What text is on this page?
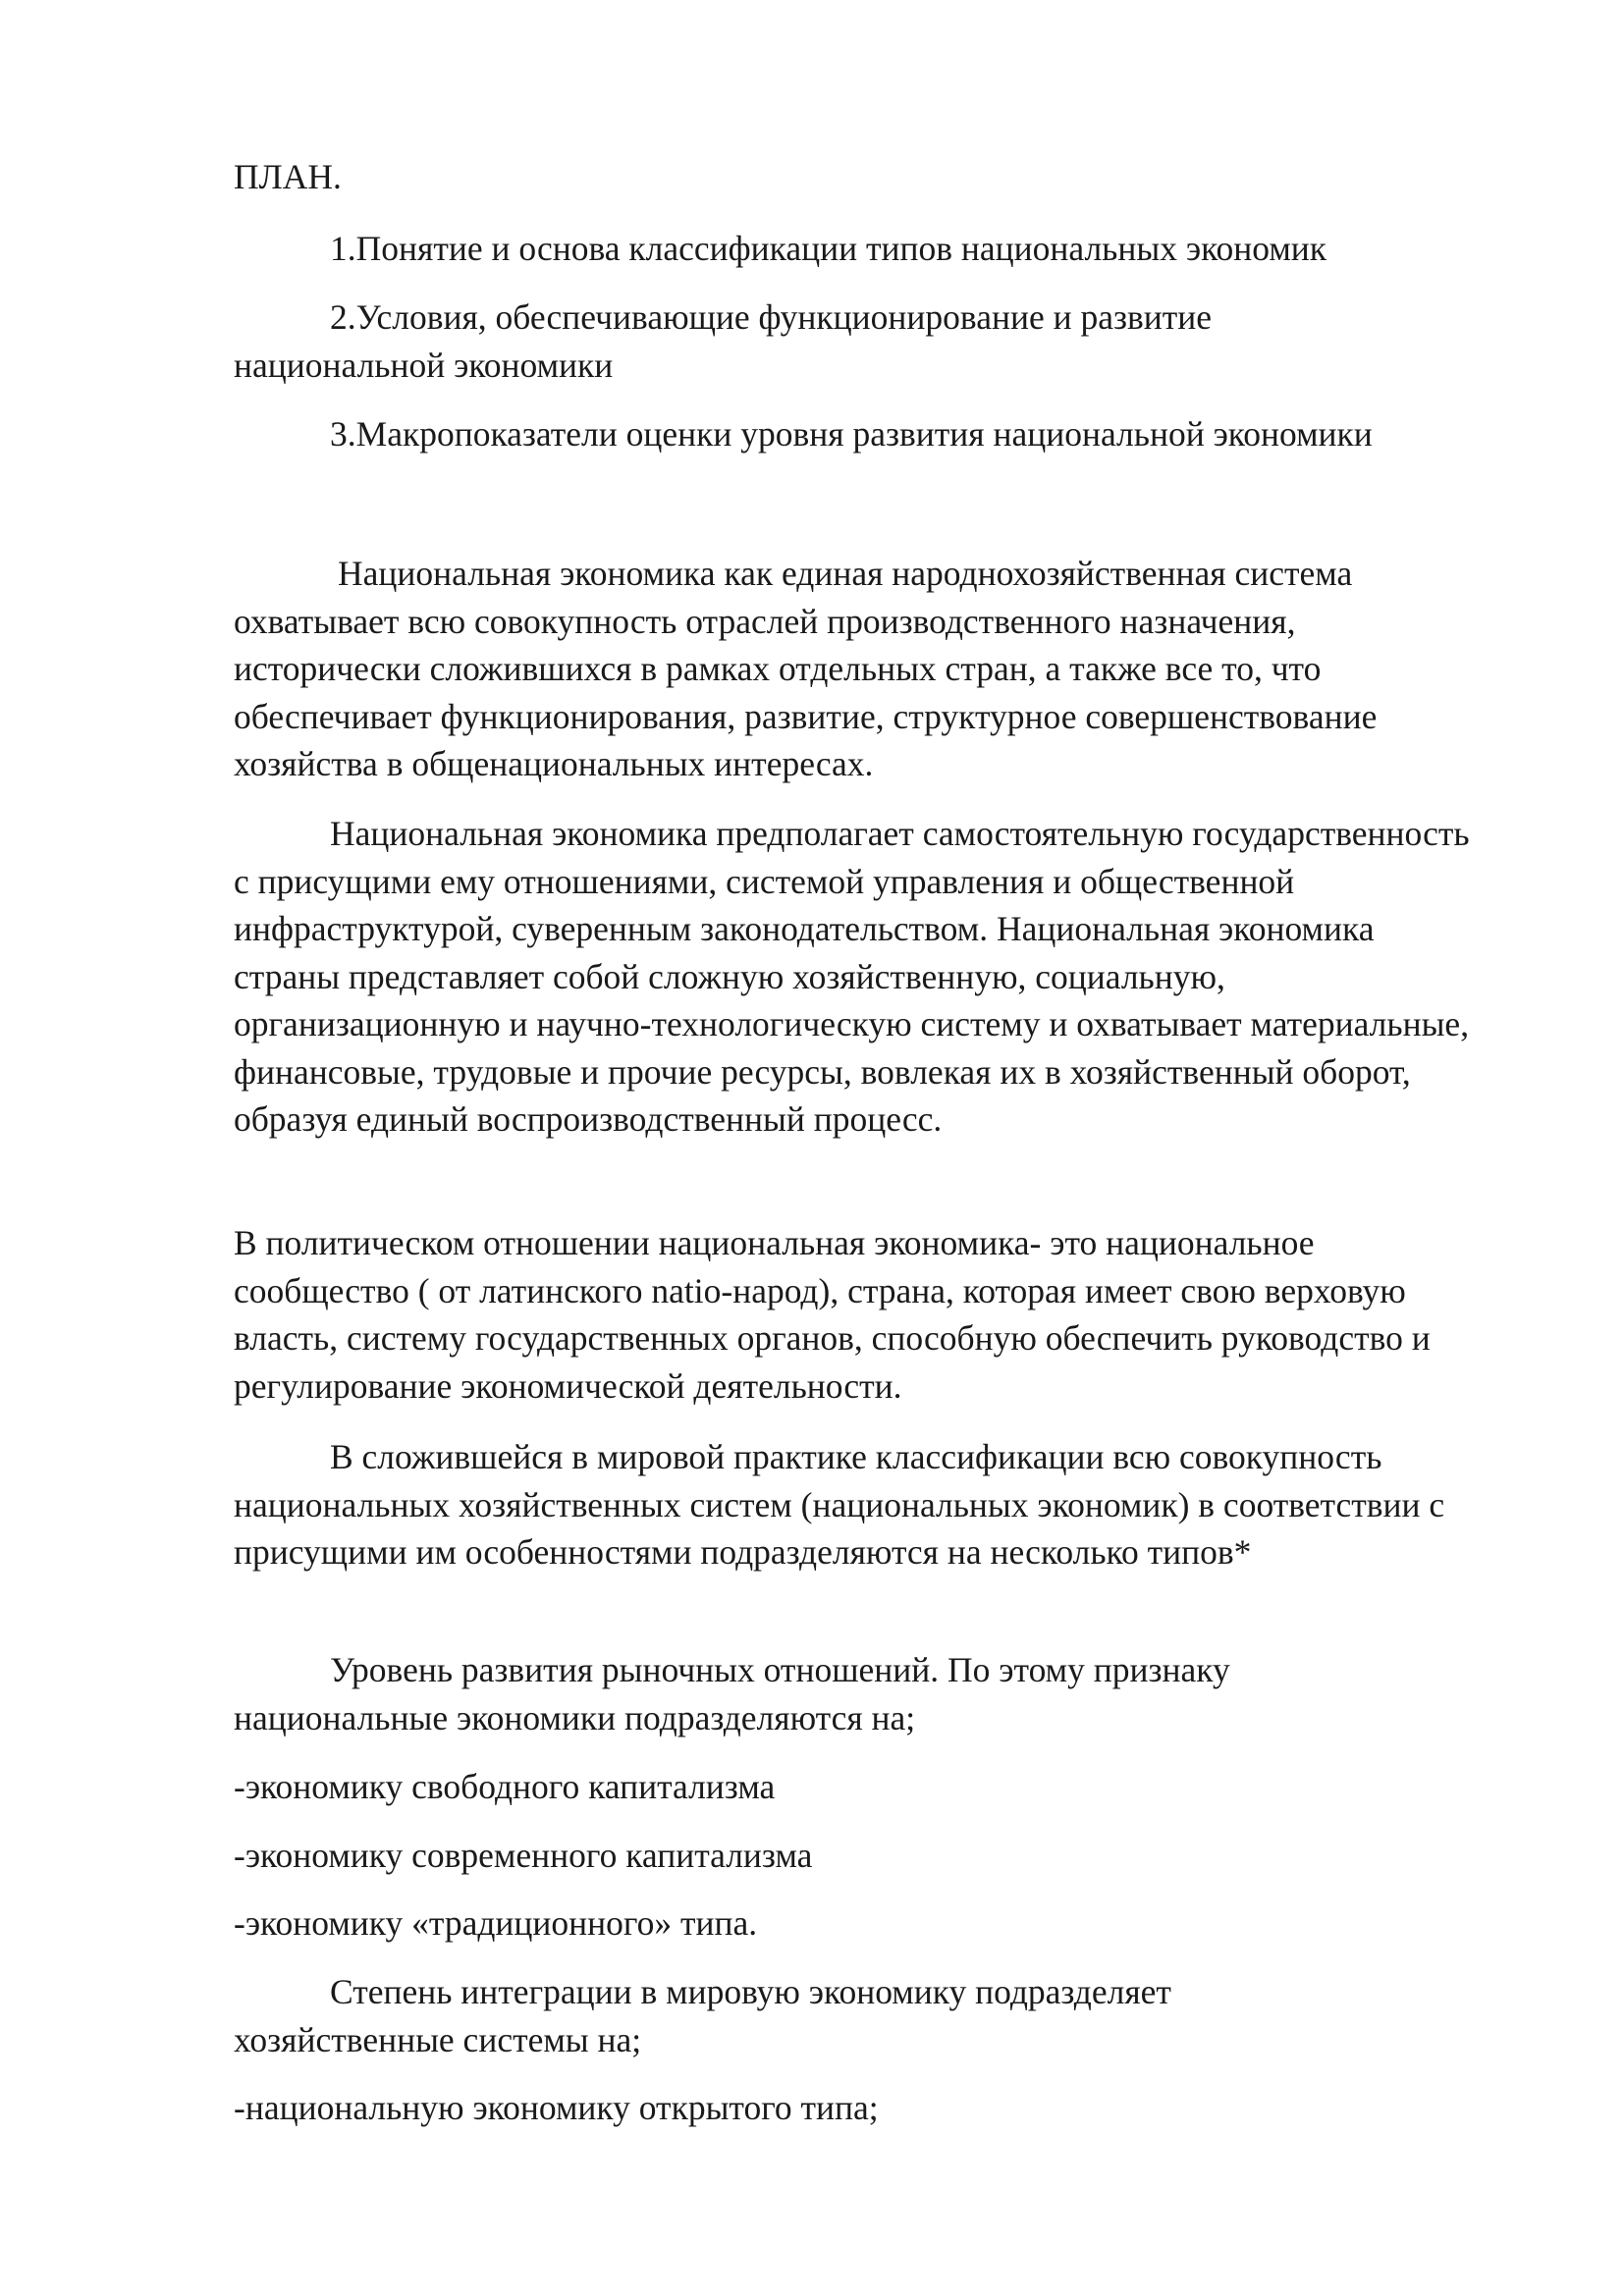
ПЛАН.

1.Понятие и основа классификации типов национальных экономик

2.Условия, обеспечивающие функционирование и развитие национальной экономики

3.Макропоказатели оценки уровня развития национальной экономики

Национальная экономика как единая народнохозяйственная система охватывает всю совокупность отраслей производственного назначения, исторически сложившихся в рамках отдельных стран, а также все то, что обеспечивает функционирования, развитие, структурное совершенствование хозяйства в общенациональных интересах.

Национальная экономика предполагает самостоятельную государственность с присущими ему отношениями, системой управления и общественной инфраструктурой, суверенным законодательством. Национальная экономика страны представляет собой сложную хозяйственную, социальную, организационную и научно-технологическую систему и охватывает материальные, финансовые, трудовые и прочие ресурсы, вовлекая их в хозяйственный оборот, образуя единый воспроизводственный процесс.

В политическом отношении национальная экономика- это национальное сообщество ( от латинского natio-народ), страна, которая имеет свою верховую власть, систему государственных органов, способную обеспечить руководство и регулирование экономической деятельности.

В сложившейся в мировой практике классификации всю совокупность национальных хозяйственных систем (национальных экономик) в соответствии с присущими им особенностями подразделяются на несколько типов*

Уровень развития рыночных отношений. По этому признаку национальные экономики подразделяются на;

-экономику свободного капитализма

-экономику современного капитализма

-экономику «традиционного» типа.

Степень интеграции в мировую экономику подразделяет хозяйственные системы на;

-национальную экономику открытого типа;
